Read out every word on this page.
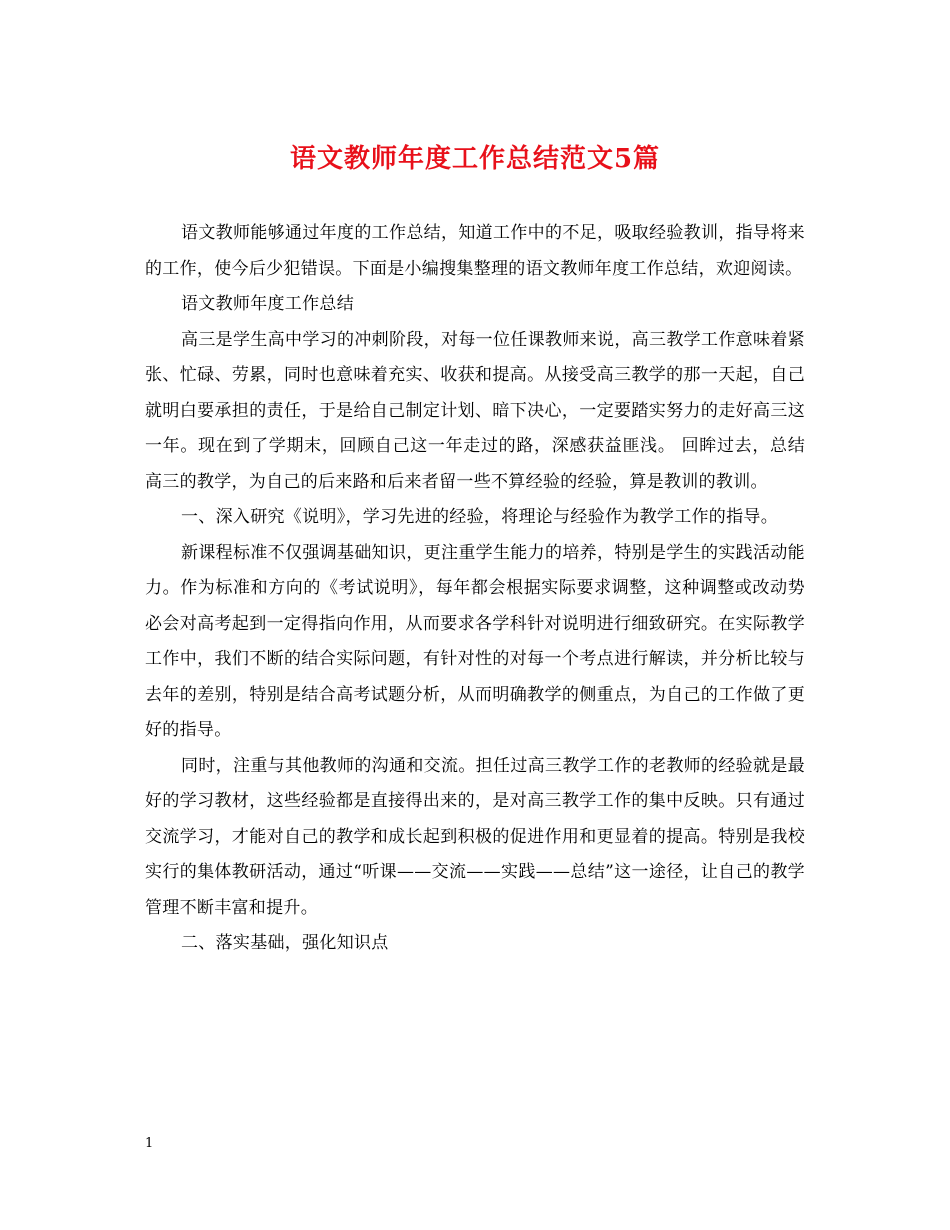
语文教师年度工作总结范文5篇

语文教师能够通过年度的工作总结，知道工作中的不足，吸取经验教训，指导将来的工作，使今后少犯错误。下面是小编搜集整理的语文教师年度工作总结，欢迎阅读。

语文教师年度工作总结

高三是学生高中学习的冲刺阶段，对每一位任课教师来说，高三教学工作意味着紧张、忙碌、劳累，同时也意味着充实、收获和提高。从接受高三教学的那一天起，自己就明白要承担的责任，于是给自己制定计划、暗下决心，一定要踏实努力的走好高三这一年。现在到了学期末，回顾自己这一年走过的路，深感获益匪浅。 回眸过去，总结高三的教学，为自己的后来路和后来者留一些不算经验的经验，算是教训的教训。

一、深入研究《说明》，学习先进的经验，将理论与经验作为教学工作的指导。

新课程标准不仅强调基础知识，更注重学生能力的培养，特别是学生的实践活动能力。作为标准和方向的《考试说明》，每年都会根据实际要求调整，这种调整或改动势必会对高考起到一定得指向作用，从而要求各学科针对说明进行细致研究。在实际教学工作中，我们不断的结合实际问题，有针对性的对每一个考点进行解读，并分析比较与去年的差别，特别是结合高考试题分析，从而明确教学的侧重点，为自己的工作做了更好的指导。

同时，注重与其他教师的沟通和交流。担任过高三教学工作的老教师的经验就是最好的学习教材，这些经验都是直接得出来的，是对高三教学工作的集中反映。只有通过交流学习，才能对自己的教学和成长起到积极的促进作用和更显着的提高。特别是我校实行的集体教研活动，通过“听课——交流——实践——总结”这一途径，让自己的教学管理不断丰富和提升。

二、落实基础，强化知识点

1
